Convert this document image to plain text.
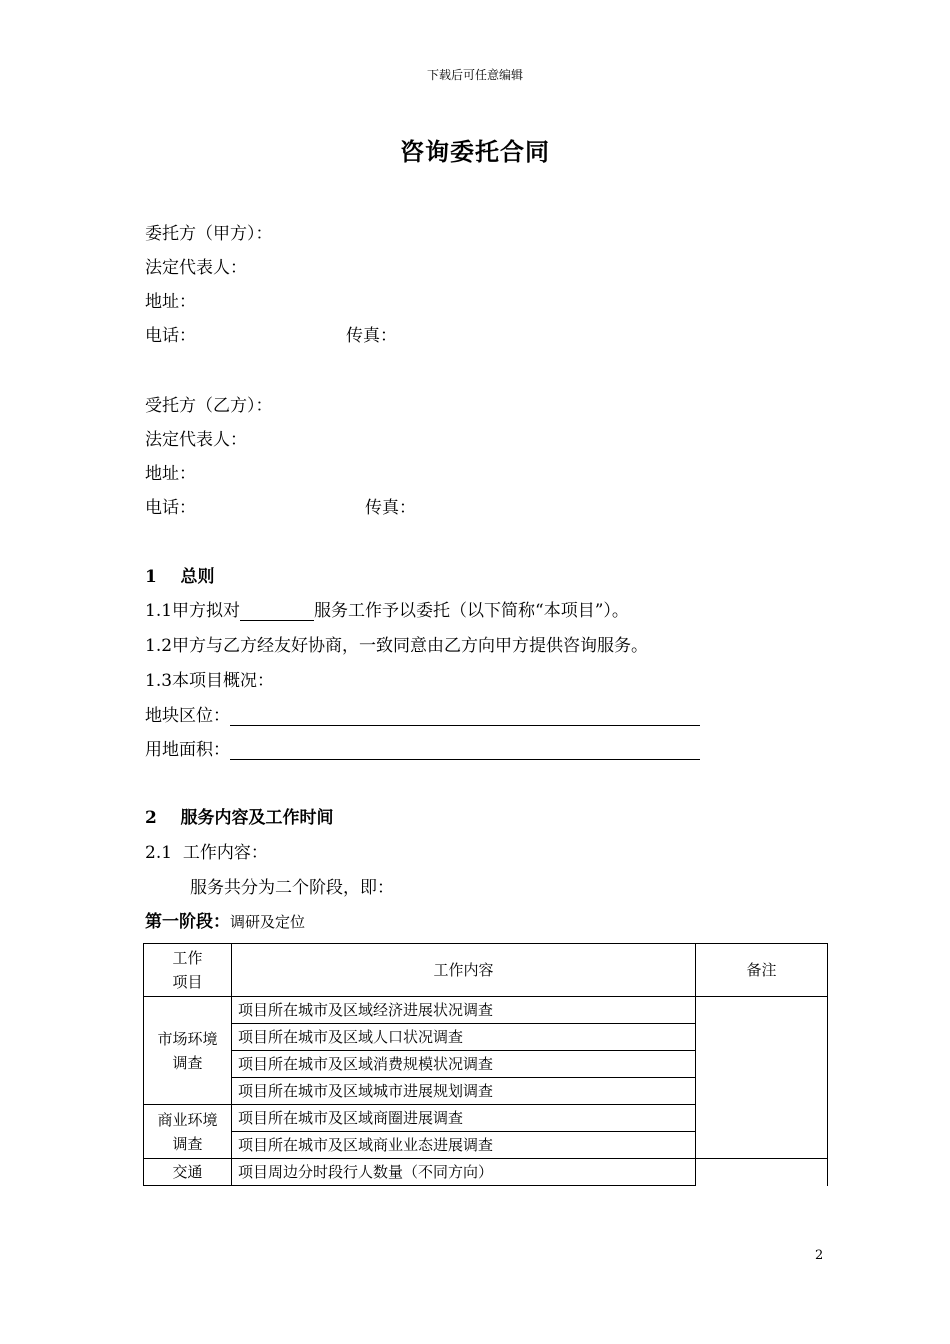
下载后可任意编辑
咨询委托合同
委托方（甲方）：
法定代表人：
地址：
电话：	传真：
受托方（乙方）：
法定代表人：
地址：
电话：	传真：
1    总则
1.1甲方拟对	服务工作予以委托（以下简称“本项目”）。
1.2甲方与乙方经友好协商，一致同意由乙方向甲方提供咨询服务。
1.3本项目概况：
地块区位：
用地面积：
2    服务内容及工作时间
2.1  工作内容：
服务共分为二个阶段，即：
第一阶段：调研及定位
工作
项目	工作内容	备注
市场环境调查	项目所在城市及区域经济进展状况调查	
	项目所在城市及区域人口状况调查	
	项目所在城市及区域消费规模状况调查	
	项目所在城市及区域城市进展规划调查	
商业环境调查	项目所在城市及区域商圈进展调查	
	项目所在城市及区域商业业态进展调查	
交通	项目周边分时段行人数量（不同方向）	
2
